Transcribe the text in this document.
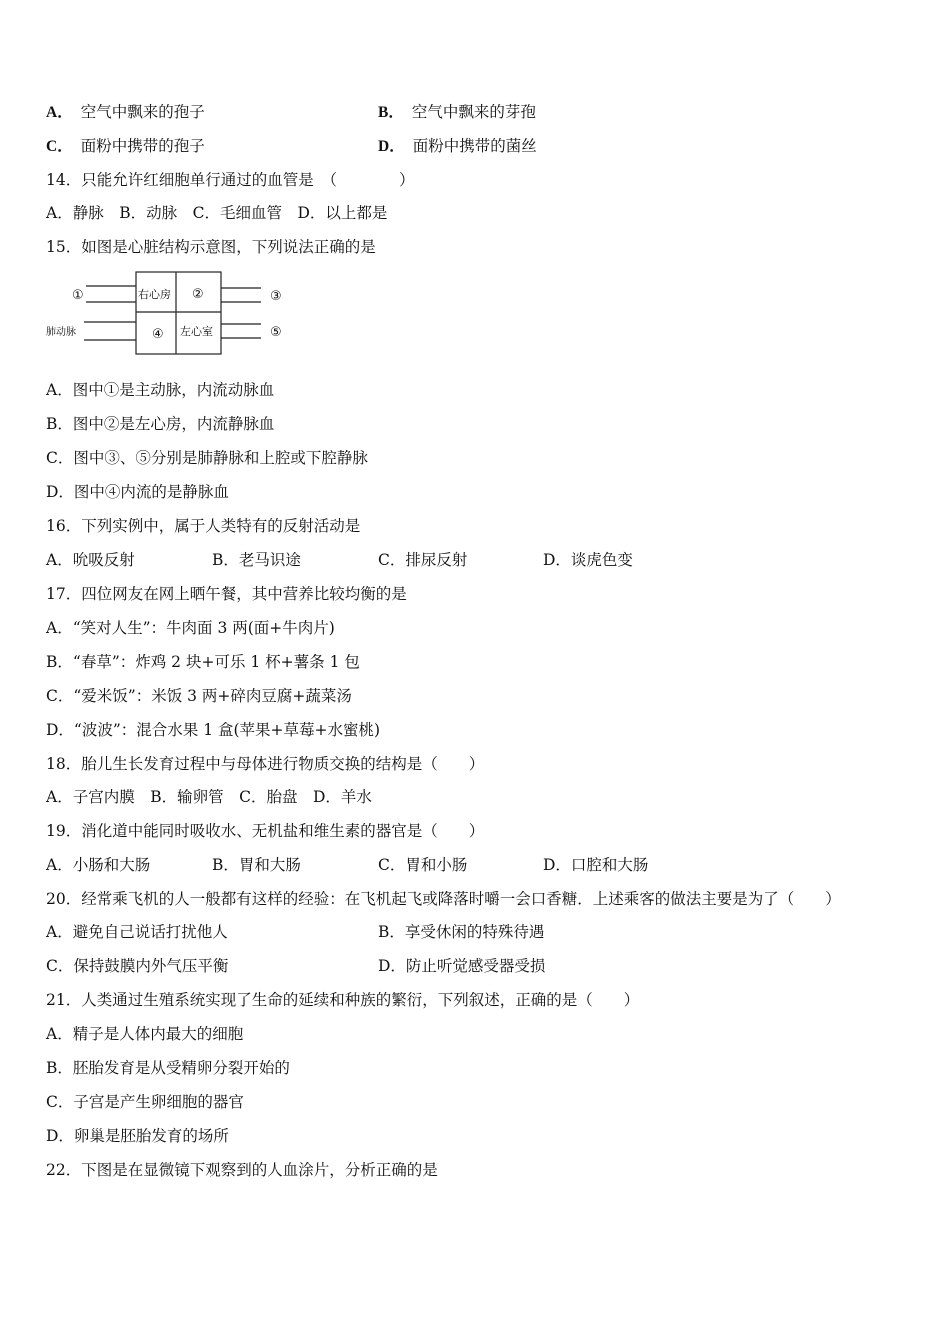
A． 空气中飘来的孢子	B． 空气中飘来的芽孢
C． 面粉中携带的孢子	D． 面粉中携带的菌丝
14．只能允许红细胞单行通过的血管是　（　　　　）
A．静脉　B．动脉　C．毛细血管　D．以上都是
15．如图是心脏结构示意图，下列说法正确的是
①	右心房 ②	③
肺动脉	④ 左心室	⑤
A．图中①是主动脉，内流动脉血
B．图中②是左心房，内流静脉血
C．图中③、⑤分别是肺静脉和上腔或下腔静脉
D．图中④内流的是静脉血
16．下列实例中，属于人类特有的反射活动是
A．吮吸反射	B．老马识途	C．排尿反射	D．谈虎色变
17．四位网友在网上晒午餐，其中营养比较均衡的是
A．“笑对人生”：牛肉面 3 两(面+牛肉片)
B．“春草”：炸鸡 2 块+可乐 1 杯+薯条 1 包
C．“爱米饭”：米饭 3 两+碎肉豆腐+蔬菜汤
D．“波波”：混合水果 1 盒(苹果+草莓+水蜜桃)
18．胎儿生长发育过程中与母体进行物质交换的结构是（　　）
A．子宫内膜　B．输卵管　C．胎盘　D．羊水
19．消化道中能同时吸收水、无机盐和维生素的器官是（　　）
A．小肠和大肠	B．胃和大肠	C．胃和小肠	D．口腔和大肠
20．经常乘飞机的人一般都有这样的经验：在飞机起飞或降落时嚼一会口香糖．上述乘客的做法主要是为了（　　）
A．避免自己说话打扰他人	B．享受休闲的特殊待遇
C．保持鼓膜内外气压平衡	D．防止听觉感受器受损
21．人类通过生殖系统实现了生命的延续和种族的繁衍，下列叙述，正确的是（　　）
A．精子是人体内最大的细胞
B．胚胎发育是从受精卵分裂开始的
C．子宫是产生卵细胞的器官
D．卵巢是胚胎发育的场所
22．下图是在显微镜下观察到的人血涂片，分析正确的是
